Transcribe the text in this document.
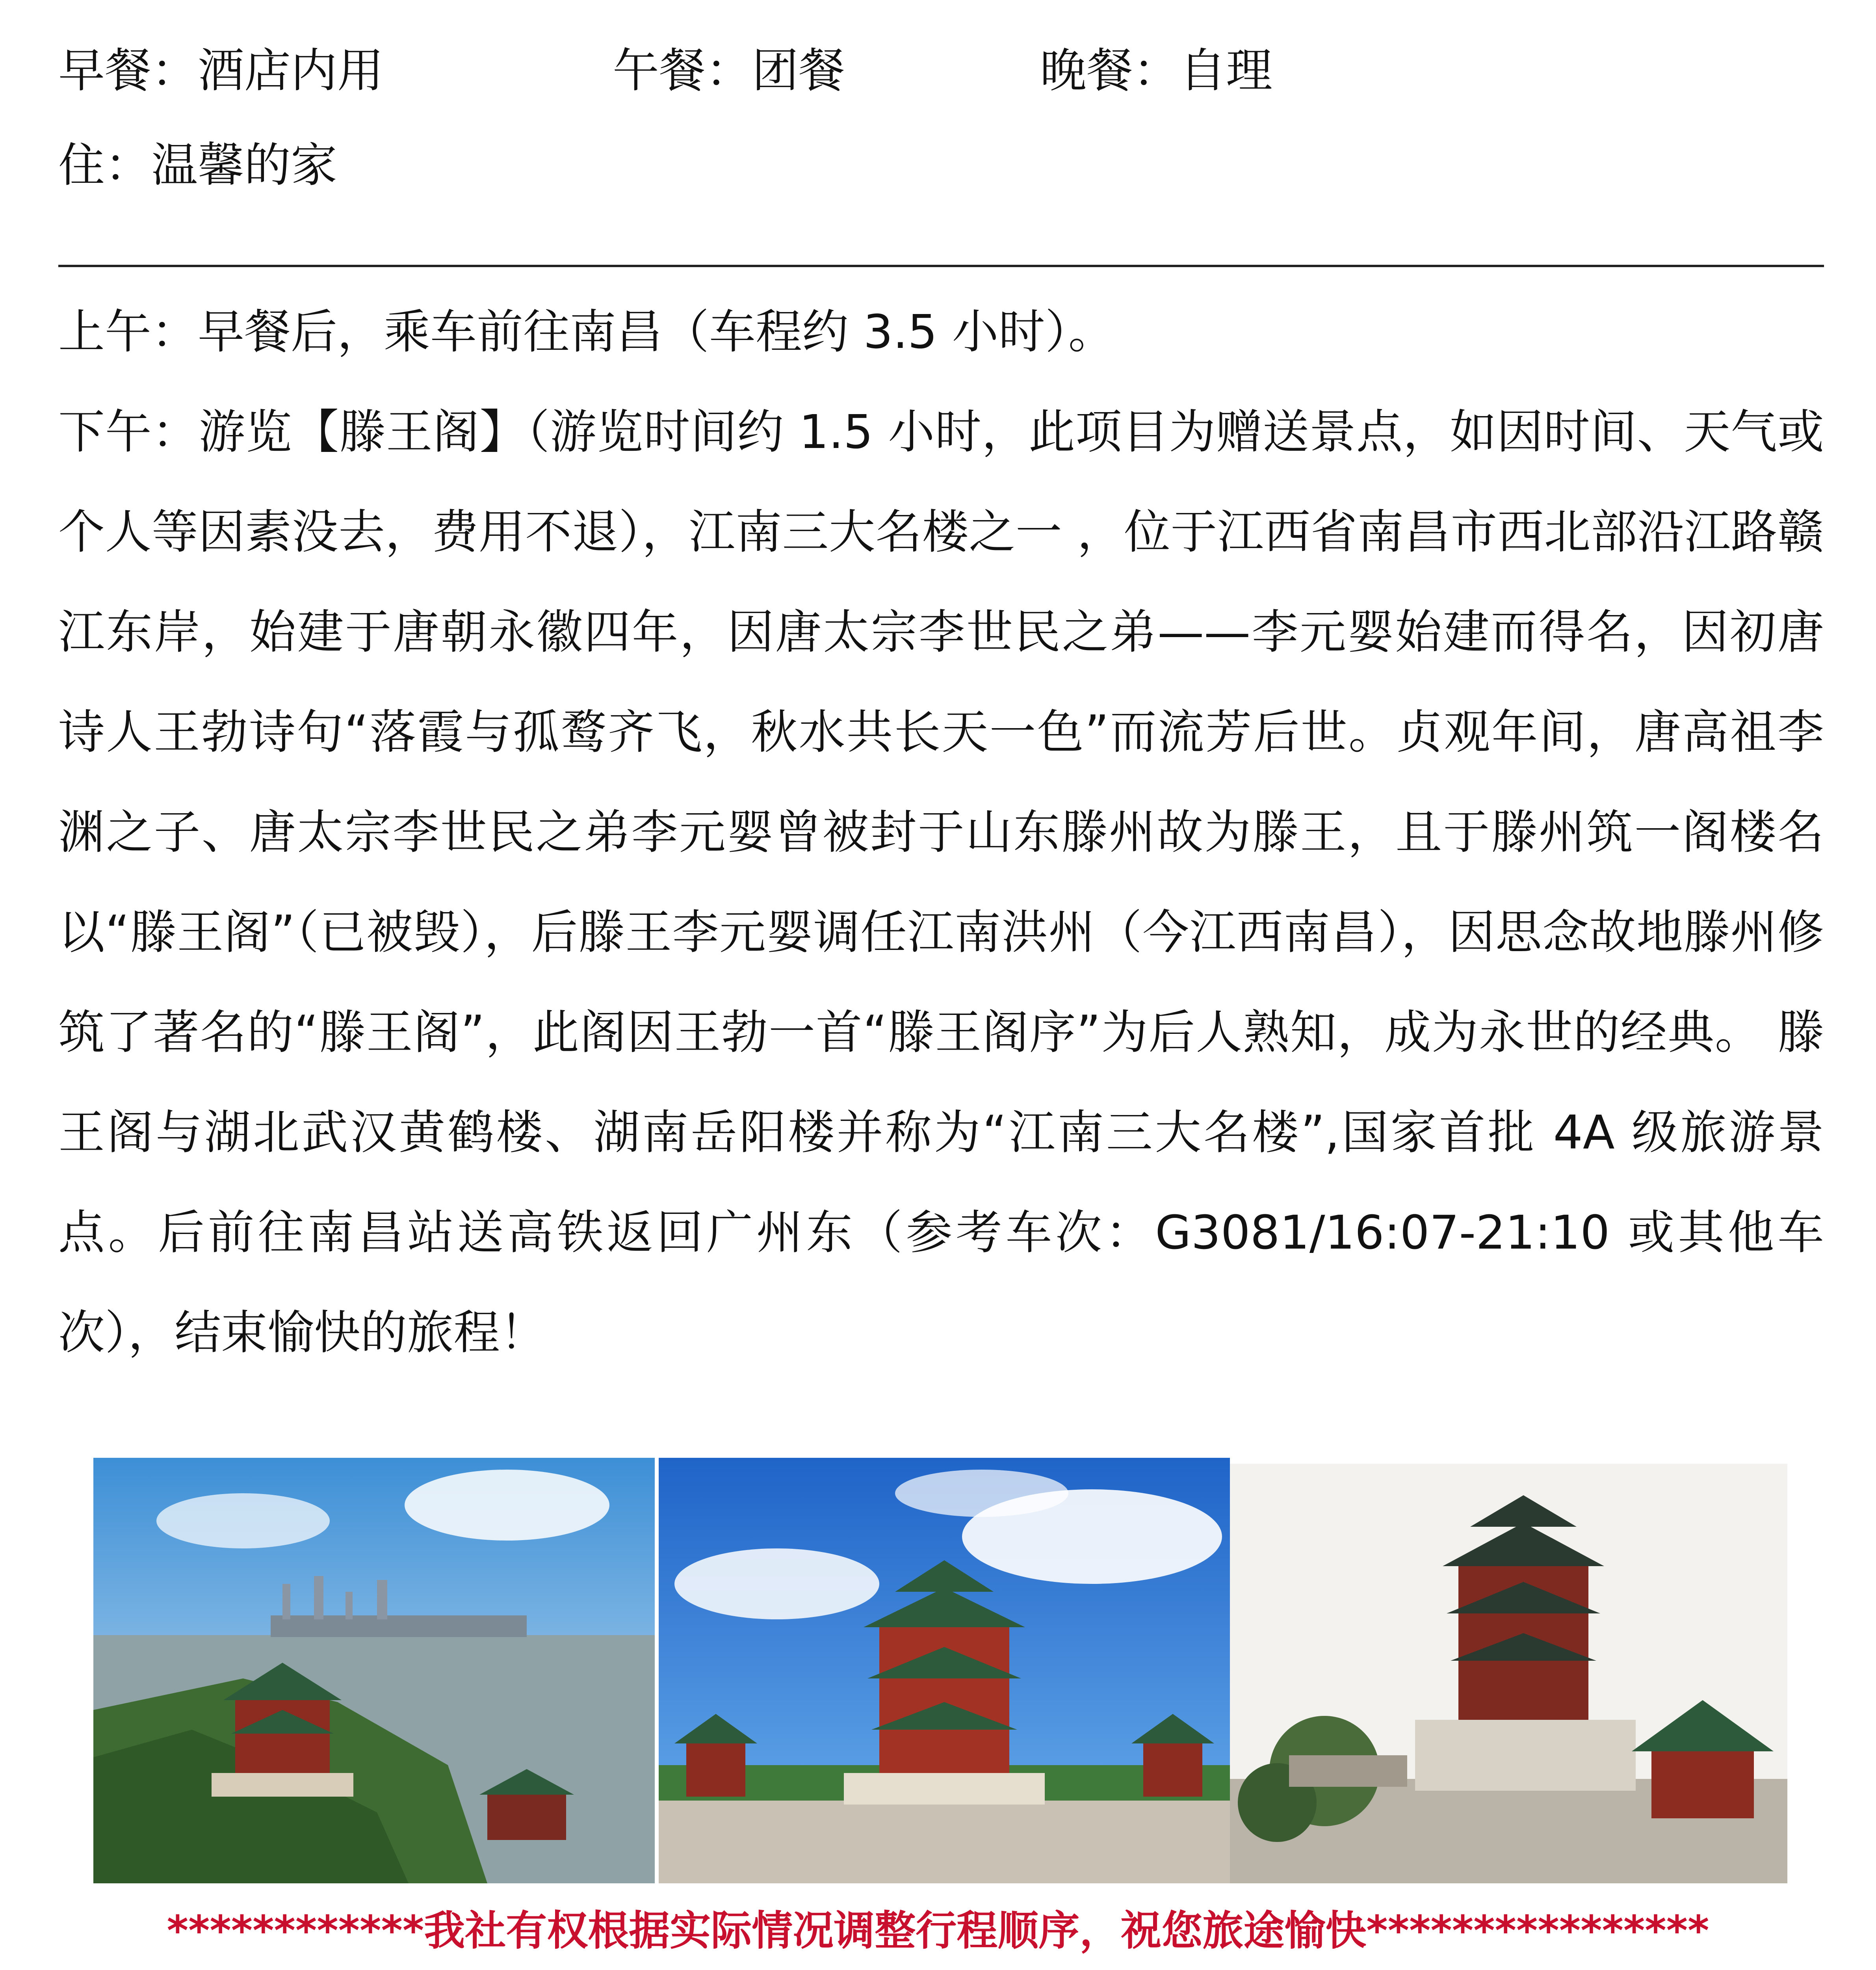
早餐：酒店内用	午餐：团餐	晚餐：自理
住：温馨的家

上午：早餐后，乘车前往南昌（车程约 3.5 小时）。

下午：游览【滕王阁】（游览时间约 1.5 小时，此项目为赠送景点，如因时间、天气或个人等因素没去，费用不退），江南三大名楼之一 ，位于江西省南昌市西北部沿江路赣江东岸，始建于唐朝永徽四年，因唐太宗李世民之弟——李元婴始建而得名，因初唐诗人王勃诗句“落霞与孤鹜齐飞，秋水共长天一色”而流芳后世。贞观年间，唐高祖李渊之子、唐太宗李世民之弟李元婴曾被封于山东滕州故为滕王，且于滕州筑一阁楼名以“滕王阁”（已被毁），后滕王李元婴调任江南洪州（今江西南昌），因思念故地滕州修筑了著名的“滕王阁”，此阁因王勃一首“滕王阁序”为后人熟知，成为永世的经典。 滕王阁与湖北武汉黄鹤楼、湖南岳阳楼并称为“江南三大名楼”,国家首批 4A 级旅游景点。后前往南昌站送高铁返回广州东（参考车次：G3081/16:07-21:10 或其他车次），结束愉快的旅程！

************我社有权根据实际情况调整行程顺序，祝您旅途愉快****************
